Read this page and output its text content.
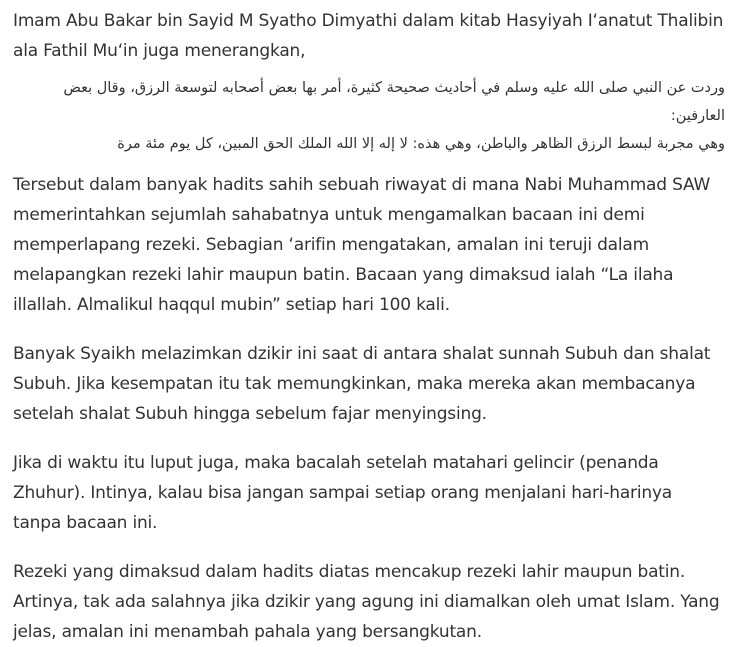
Imam Abu Bakar bin Sayid M Syatho Dimyathi dalam kitab Hasyiyah I‘anatut Thalibin ala Fathil Mu‘in juga menerangkan,

وردت عن النبي صلى الله عليه وسلم في أحاديث صحيحة كثيرة، أمر بها بعض أصحابه لتوسعة الرزق، وقال بعض العارفين:

وهي مجربة لبسط الرزق الظاهر والباطن، وهي هذه: لا إله إلا الله الملك الحق المبين، كل يوم مئة مرة

Tersebut dalam banyak hadits sahih sebuah riwayat di mana Nabi Muhammad SAW memerintahkan sejumlah sahabatnya untuk mengamalkan bacaan ini demi memperlapang rezeki. Sebagian ‘arifin mengatakan, amalan ini teruji dalam melapangkan rezeki lahir maupun batin. Bacaan yang dimaksud ialah “La ilaha illallah. Almalikul haqqul mubin” setiap hari 100 kali.

Banyak Syaikh melazimkan dzikir ini saat di antara shalat sunnah Subuh dan shalat Subuh. Jika kesempatan itu tak memungkinkan, maka mereka akan membacanya setelah shalat Subuh hingga sebelum fajar menyingsing.

Jika di waktu itu luput juga, maka bacalah setelah matahari gelincir (penanda Zhuhur). Intinya, kalau bisa jangan sampai setiap orang menjalani hari-harinya tanpa bacaan ini.

Rezeki yang dimaksud dalam hadits diatas mencakup rezeki lahir maupun batin. Artinya, tak ada salahnya jika dzikir yang agung ini diamalkan oleh umat Islam. Yang jelas, amalan ini menambah pahala yang bersangkutan.
